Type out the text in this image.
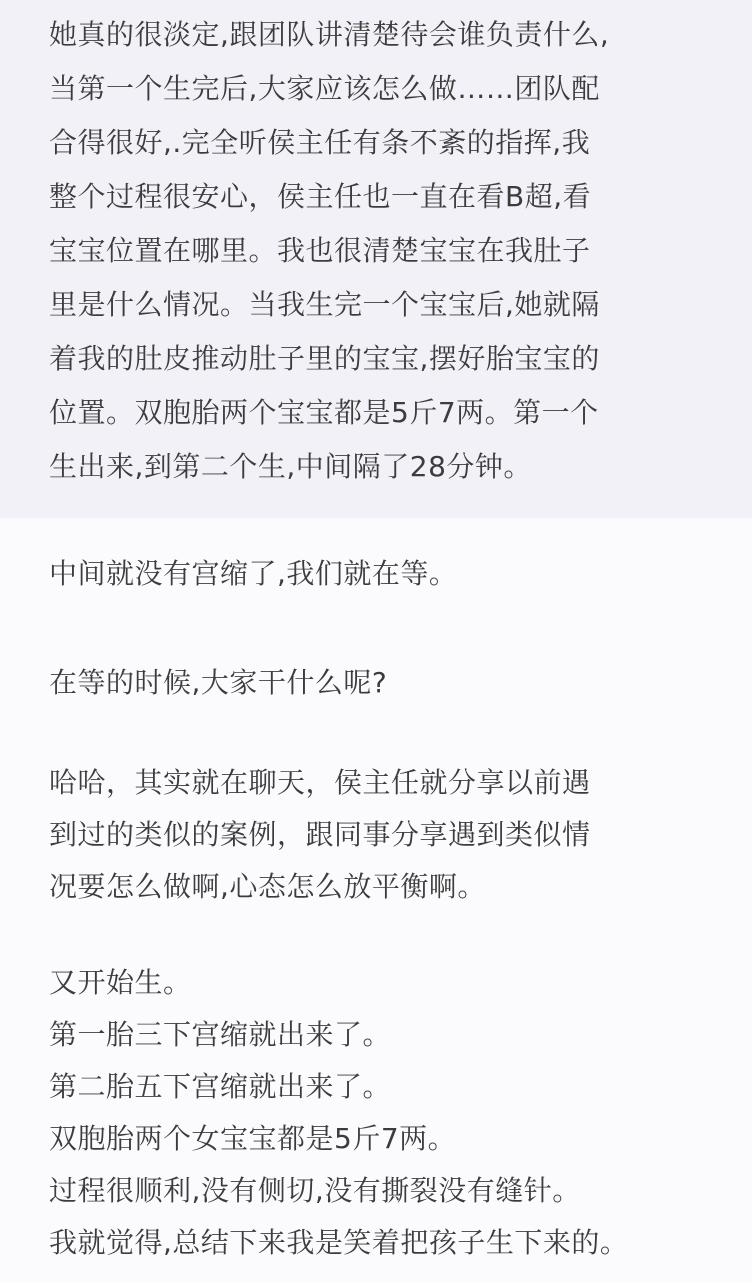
她真的很淡定,跟团队讲清楚待会谁负责什么,
当第一个生完后,大家应该怎么做……团队配
合得很好,.完全听侯主任有条不紊的指挥,我
整个过程很安心，侯主任也一直在看B超,看
宝宝位置在哪里。我也很清楚宝宝在我肚子
里是什么情况。当我生完一个宝宝后,她就隔
着我的肚皮推动肚子里的宝宝,摆好胎宝宝的
位置。双胞胎两个宝宝都是5斤7两。第一个
生出来,到第二个生,中间隔了28分钟。
中间就没有宫缩了,我们就在等。
在等的时候,大家干什么呢?
哈哈，其实就在聊天，侯主任就分享以前遇
到过的类似的案例，跟同事分享遇到类似情
况要怎么做啊,心态怎么放平衡啊。
又开始生。
第一胎三下宫缩就出来了。
第二胎五下宫缩就出来了。
双胞胎两个女宝宝都是5斤7两。
过程很顺利,没有侧切,没有撕裂没有缝针。
我就觉得,总结下来我是笑着把孩子生下来的。
